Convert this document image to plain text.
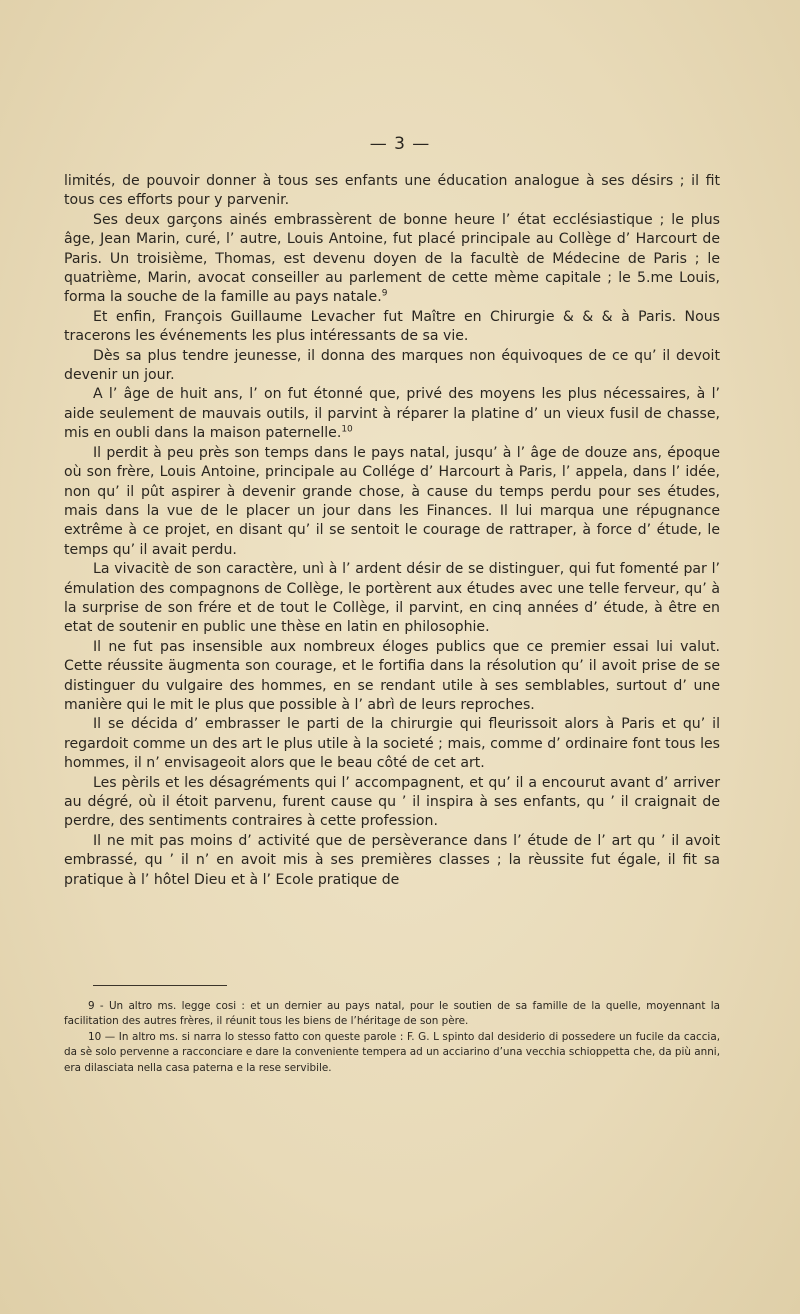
— 3 —

limités, de pouvoir donner à tous ses enfants une éducation analogue à ses désirs ; il fit tous ces efforts pour y parvenir.

Ses deux garçons ainés embrassèrent de bonne heure l’ état ecclésiastique ; le plus âge, Jean Marin, curé, l’ autre, Louis Antoine, fut placé principale au Collège d’ Harcourt de Paris. Un troisième, Thomas, est devenu doyen de la facultè de Médecine de Paris ; le quatrième, Marin, avocat conseiller au parlement de cette mème capitale ; le 5.me Louis, forma la souche de la famille au pays natale.$^9$

Et enfin, François Guillaume Levacher fut Maître en Chirurgie & & & à Paris. Nous tracerons les événements les plus intéressants de sa vie.

Dès sa plus tendre jeunesse, il donna des marques non équivoques de ce qu’ il devoit devenir un jour.

A l’ âge de huit ans, l’ on fut étonné que, privé des moyens les plus nécessaires, à l’ aide seulement de mauvais outils, il parvint à réparer la platine d’ un vieux fusil de chasse, mis en oubli dans la maison paternelle.$^{10}$

Il perdit à peu près son temps dans le pays natal, jusqu’ à l’ âge de douze ans, époque où son frère, Louis Antoine, principale au Collége d’ Harcourt à Paris, l’ appela, dans l’ idée, non qu’ il pût aspirer à devenir grande chose, à cause du temps perdu pour ses études, mais dans la vue de le placer un jour dans les Finances. Il lui marqua une répugnance extrême à ce projet, en disant qu’ il se sentoit le courage de rattraper, à force d’ étude, le temps qu’ il avait perdu.

La vivacitè de son caractère, unì à l’ ardent désir de se distinguer, qui fut fomenté par l’ émulation des compagnons de Collège, le portèrent aux études avec une telle ferveur, qu’ à la surprise de son frére et de tout le Collège, il parvint, en cinq années d’ étude, à être en etat de soutenir en public une thèse en latin en philosophie.

Il ne fut pas insensible aux nombreux éloges publics que ce premier essai lui valut. Cette réussite äugmenta son courage, et le fortifia dans la résolution qu’ il avoit prise de se distinguer du vulgaire des hommes, en se rendant utile à ses semblables, surtout d’ une manière qui le mit le plus que possible à l’ abrì de leurs reproches.

Il se décida d’ embrasser le parti de la chirurgie qui fleurissoit alors à Paris et qu’ il regardoit comme un des art le plus utile à la societé ; mais, comme d’ ordinaire font tous les hommes, il n’ envisageoit alors que le beau côté de cet art.

Les pèrils et les désagréments qui l’ accompagnent, et qu’ il a encourut avant d’ arriver au dégré, où il étoit parvenu, furent cause qu ’ il inspira à ses enfants, qu ’ il craignait de perdre, des sentiments contraires à cette profession.

Il ne mit pas moins d’ activité que de persèverance dans l’ étude de l’ art qu ’ il avoit embrassé, qu ’ il n’ en avoit mis à ses premières classes ; la rèussite fut égale, il fit sa pratique à l’ hôtel Dieu et à l’ Ecole pratique de

9 - Un altro ms. legge cosi : et un dernier au pays natal, pour le soutien de sa famille de la quelle, moyennant la facilitation des autres frères, il réunit tous les biens de l’héritage de son père.

10 — In altro ms. si narra lo stesso fatto con queste parole : F. G. L spinto dal desiderio di possedere un fucile da caccia, da sè solo pervenne a racconciare e dare la conveniente tempera ad un acciarino d’una vecchia schioppetta che, da più anni, era dilasciata nella casa paterna e la rese servibile.
